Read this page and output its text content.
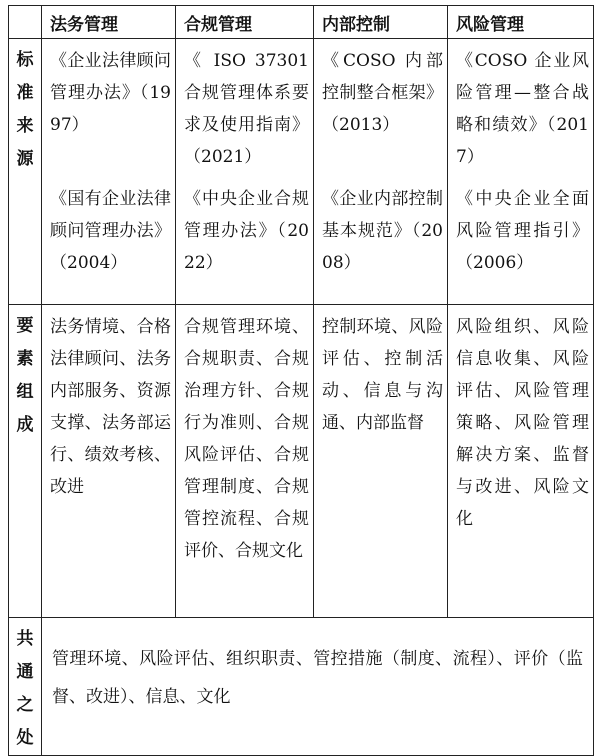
	法务管理	合规管理	内部控制	风险管理

标
准
来
源	《企业法律顾问管理办法》（1997）	《 ISO 37301 合规管理体系要求及使用指南》（2021）	《COSO 内部控制整合框架》（2013）	《COSO 企业风险管理—整合战略和绩效》（2017）
	《国有企业法律顾问管理办法》（2004）	《中央企业合规管理办法》（2022）	《企业内部控制基本规范》（2008）	《中央企业全面风险管理指引》（2006）

要
素
组
成	法务情境、合格法律顾问、法务内部服务、资源支撑、法务部运行、绩效考核、改进	合规管理环境、合规职责、合规治理方针、合规行为准则、合规风险评估、合规管理制度、合规管控流程、合规评价、合规文化	控制环境、风险评估、控制活动、信息与沟通、内部监督	风险组织、风险信息收集、风险评估、风险管理策略、风险管理解决方案、监督与改进、风险文化

共
通
之
处	管理环境、风险评估、组织职责、管控措施（制度、流程）、评价（监督、改进）、信息、文化			
